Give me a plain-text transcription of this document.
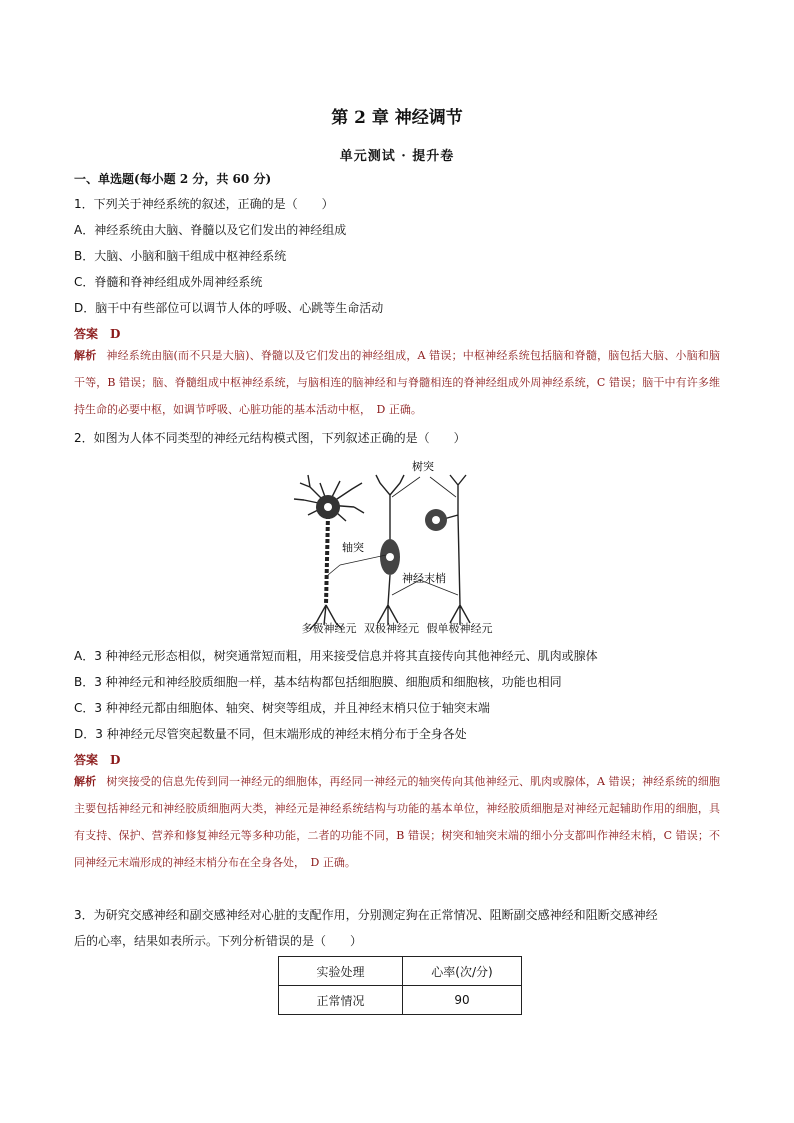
第 2 章 神经调节
单元测试 · 提升卷
一、单选题(每小题 2 分，共 60 分)
1．下列关于神经系统的叙述，正确的是（　　）
A．神经系统由大脑、脊髓以及它们发出的神经组成
B．大脑、小脑和脑干组成中枢神经系统
C．脊髓和脊神经组成外周神经系统
D．脑干中有些部位可以调节人体的呼吸、心跳等生命活动
答案 D
解析 神经系统由脑(而不只是大脑)、脊髓以及它们发出的神经组成，A 错误；中枢神经系统包括脑和脊髓，脑包括大脑、小脑和脑干等，B 错误；脑、脊髓组成中枢神经系统，与脑相连的脑神经和与脊髓相连的脊神经组成外周神经系统，C 错误；脑干中有许多维持生命的必要中枢，如调节呼吸、心脏功能的基本活动中枢，　D 正确。
2．如图为人体不同类型的神经元结构模式图，下列叙述正确的是（　　）
树突
轴突
神经末梢
多极神经元 双极神经元 假单极神经元
A．3 种神经元形态相似，树突通常短而粗，用来接受信息并将其直接传向其他神经元、肌肉或腺体
B．3 种神经元和神经胶质细胞一样，基本结构都包括细胞膜、细胞质和细胞核，功能也相同
C．3 种神经元都由细胞体、轴突、树突等组成，并且神经末梢只位于轴突末端
D．3 种神经元尽管突起数量不同，但末端形成的神经末梢分布于全身各处
答案 D
解析 树突接受的信息先传到同一神经元的细胞体，再经同一神经元的轴突传向其他神经元、肌肉或腺体，A 错误；神经系统的细胞主要包括神经元和神经胶质细胞两大类，神经元是神经系统结构与功能的基本单位，神经胶质细胞是对神经元起辅助作用的细胞，具有支持、保护、营养和修复神经元等多种功能，二者的功能不同，B 错误；树突和轴突末端的细小分支都叫作神经末梢，C 错误；不同神经元末端形成的神经末梢分布在全身各处，　D 正确。
3．为研究交感神经和副交感神经对心脏的支配作用，分别测定狗在正常情况、阻断副交感神经和阻断交感神经
后的心率，结果如表所示。下列分析错误的是（　　）
实验处理	心率(次/分)
正常情况	90
